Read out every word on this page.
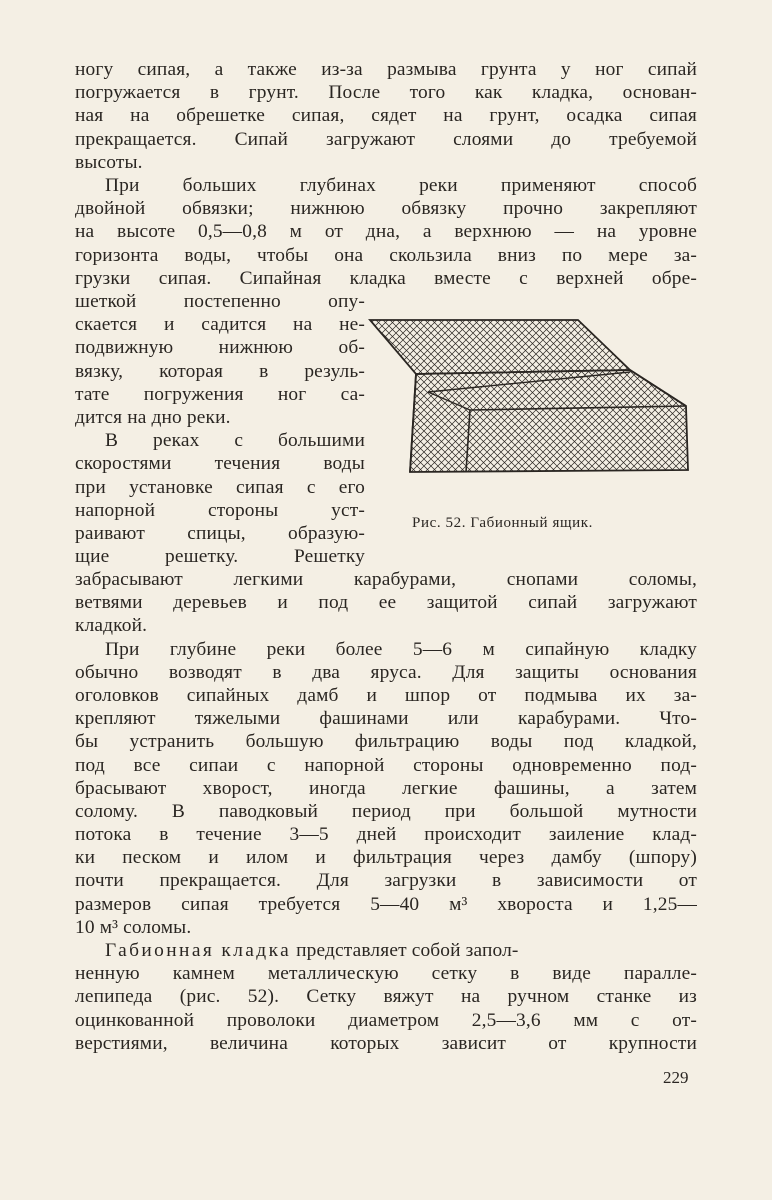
ногу сипая, а также из-за размыва грунта у ног сипай
погружается в грунт. После того как кладка, основан-
ная на обрешетке сипая, сядет на грунт, осадка сипая
прекращается. Сипай загружают слоями до требуемой
высоты.
При больших глубинах реки применяют способ
двойной обвязки; нижнюю обвязку прочно закрепляют
на высоте 0,5—0,8 м от дна, а верхнюю — на уровне
горизонта воды, чтобы она скользила вниз по мере за-
грузки сипая. Сипайная кладка вместе с верхней обре-
шеткой постепенно опу-
скается и садится на не-
подвижную нижнюю об-
вязку, которая в резуль-
тате погружения ног са-
дится на дно реки.
В реках с большими
скоростями течения воды
при установке сипая с его
напорной стороны уст-
раивают спицы, образую-
щие решетку. Решетку
Рис. 52. Габионный ящик.
забрасывают легкими карабурами, снопами соломы,
ветвями деревьев и под ее защитой сипай загружают
кладкой.
При глубине реки более 5—6 м сипайную кладку
обычно возводят в два яруса. Для защиты основания
оголовков сипайных дамб и шпор от подмыва их за-
крепляют тяжелыми фашинами или карабурами. Что-
бы устранить большую фильтрацию воды под кладкой,
под все сипаи с напорной стороны одновременно под-
брасывают хворост, иногда легкие фашины, а затем
солому. В паводковый период при большой мутности
потока в течение 3—5 дней происходит заиление клад-
ки песком и илом и фильтрация через дамбу (шпору)
почти прекращается. Для загрузки в зависимости от
размеров сипая требуется 5—40 м³ хвороста и 1,25—
10 м³ соломы.
Габионная кладка представляет собой запол-
ненную камнем металлическую сетку в виде паралле-
лепипеда (рис. 52). Сетку вяжут на ручном станке из
оцинкованной проволоки диаметром 2,5—3,6 мм с от-
верстиями, величина которых зависит от крупности
229
